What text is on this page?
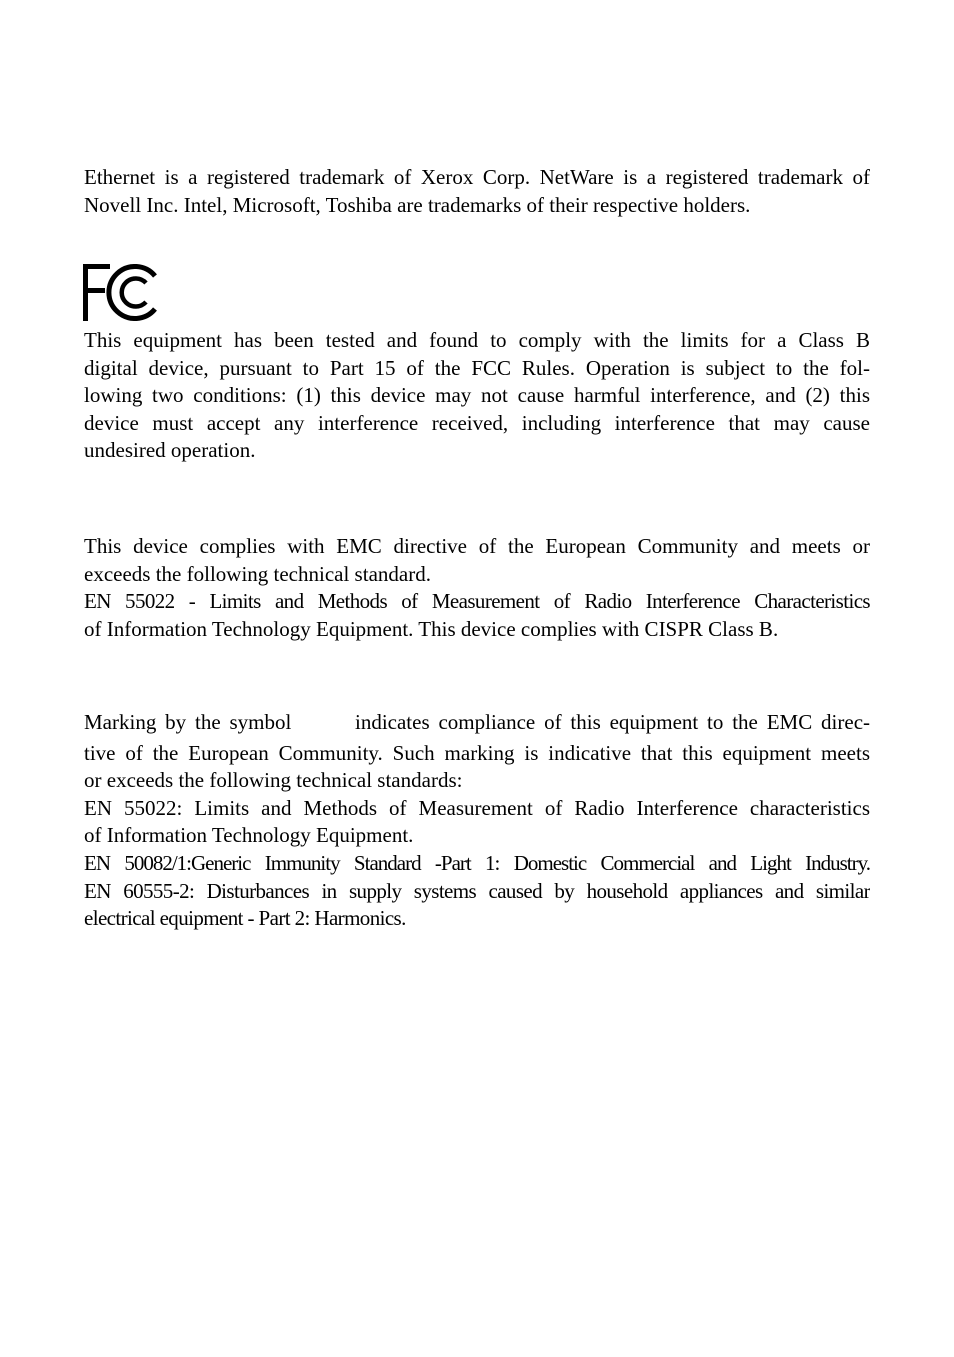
Ethernet is a registered trademark of Xerox Corp. NetWare is a registered trademark of
Novell Inc. Intel, Microsoft, Toshiba are trademarks of their respective holders.
This equipment has been tested and found to comply with the limits for a Class B
digital device, pursuant to Part 15 of the FCC Rules. Operation is subject to the fol-
lowing two conditions: (1) this device may not cause harmful interference, and (2) this
device must accept any interference received, including interference that may cause
undesired operation.
This device complies with EMC directive of the European Community and meets or
exceeds the following technical standard.
EN 55022 - Limits and Methods of Measurement of Radio Interference Characteristics
of Information Technology Equipment. This device complies with CISPR Class B.
Marking by the symbol	indicates compliance of this equipment to the EMC direc-
tive of the European Community. Such marking is indicative that this equipment meets
or exceeds the following technical standards:
EN 55022: Limits and Methods of Measurement of Radio Interference characteristics
of Information Technology Equipment.
EN 50082/1:Generic Immunity Standard -Part 1: Domestic Commercial and Light Industry.
EN 60555-2: Disturbances in supply systems caused by household appliances and similar
electrical equipment - Part 2: Harmonics.
